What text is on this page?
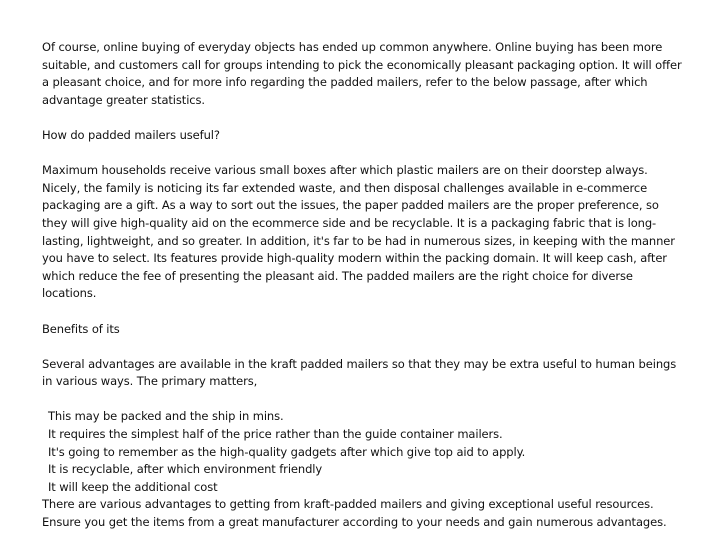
Of course, online buying of everyday objects has ended up common anywhere. Online buying has been more suitable, and customers call for groups intending to pick the economically pleasant packaging option. It will offer a pleasant choice, and for more info regarding the padded mailers, refer to the below passage, after which advantage greater statistics.

How do padded mailers useful?

Maximum households receive various small boxes after which plastic mailers are on their doorstep always. Nicely, the family is noticing its far extended waste, and then disposal challenges available in e-commerce packaging are a gift. As a way to sort out the issues, the paper padded mailers are the proper preference, so they will give high-quality aid on the ecommerce side and be recyclable. It is a packaging fabric that is long-lasting, lightweight, and so greater. In addition, it's far to be had in numerous sizes, in keeping with the manner you have to select. Its features provide high-quality modern within the packing domain. It will keep cash, after which reduce the fee of presenting the pleasant aid. The padded mailers are the right choice for diverse locations.

Benefits of its

Several advantages are available in the kraft padded mailers so that they may be extra useful to human beings in various ways. The primary matters,

This may be packed and the ship in mins.
It requires the simplest half of the price rather than the guide container mailers.
It's going to remember as the high-quality gadgets after which give top aid to apply.
It is recyclable, after which environment friendly
It will keep the additional cost

There are various advantages to getting from kraft-padded mailers and giving exceptional useful resources. Ensure you get the items from a great manufacturer according to your needs and gain numerous advantages.
